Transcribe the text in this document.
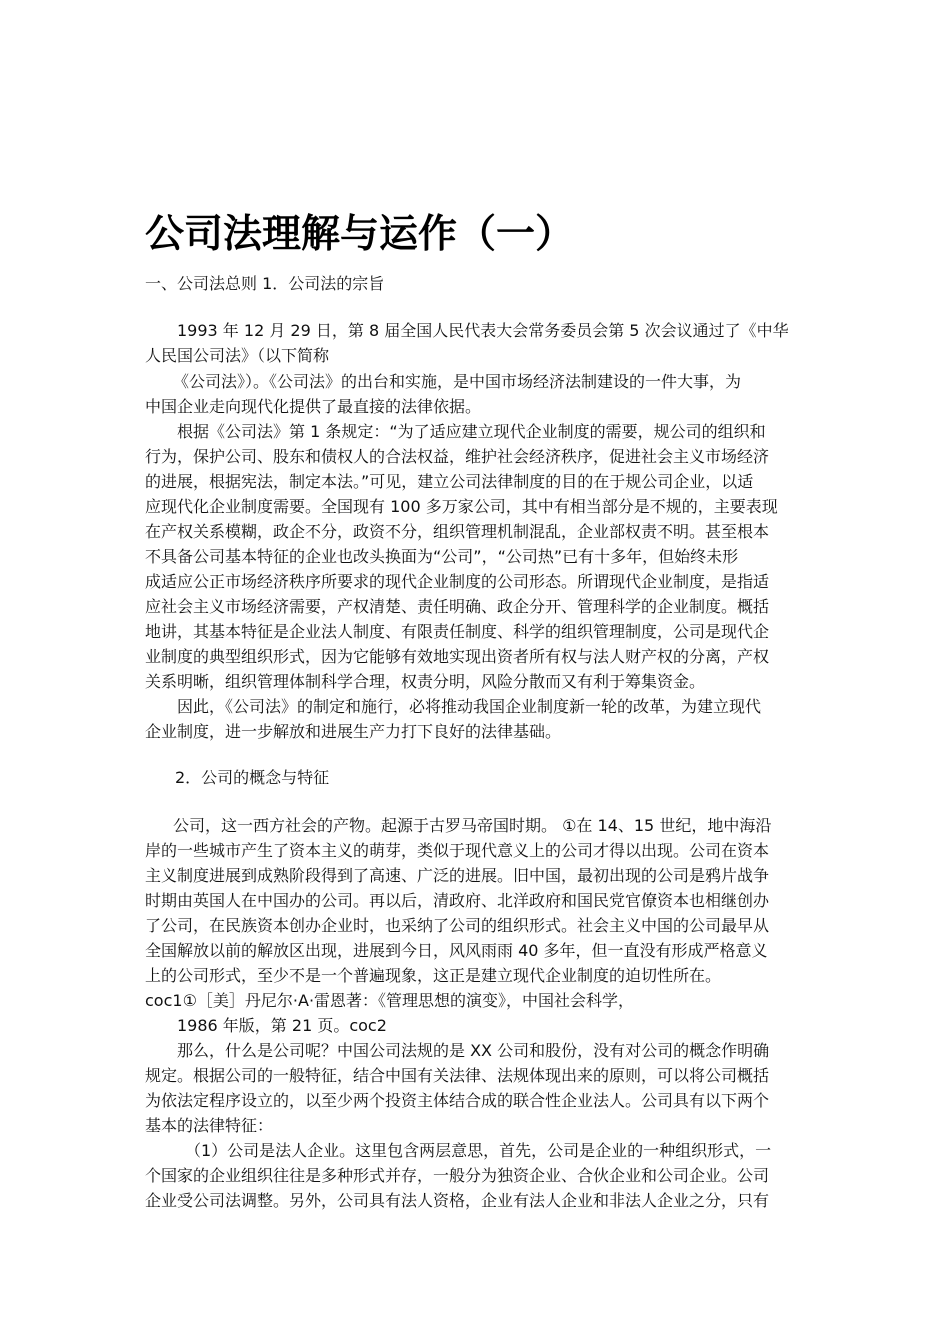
公司法理解与运作（一）

一、公司法总则 1．公司法的宗旨

1993 年 12 月 29 日，第 8 届全国人民代表大会常务委员会第 5 次会议通过了《中华

人民国公司法》（以下简称

《公司法》）。《公司法》的出台和实施，是中国市场经济法制建设的一件大事，为

中国企业走向现代化提供了最直接的法律依据。

根据《公司法》第 1 条规定：“为了适应建立现代企业制度的需要，规公司的组织和

行为，保护公司、股东和债权人的合法权益，维护社会经济秩序，促进社会主义市场经济

的进展，根据宪法，制定本法。”可见，建立公司法律制度的目的在于规公司企业，以适

应现代化企业制度需要。全国现有 100 多万家公司，其中有相当部分是不规的，主要表现

在产权关系模糊，政企不分，政资不分，组织管理机制混乱，企业部权责不明。甚至根本

不具备公司基本特征的企业也改头换面为“公司”，“公司热”已有十多年，但始终未形

成适应公正市场经济秩序所要求的现代企业制度的公司形态。所谓现代企业制度，是指适

应社会主义市场经济需要，产权清楚、责任明确、政企分开、管理科学的企业制度。概括

地讲，其基本特征是企业法人制度、有限责任制度、科学的组织管理制度，公司是现代企

业制度的典型组织形式，因为它能够有效地实现出资者所有权与法人财产权的分离，产权

关系明晰，组织管理体制科学合理，权责分明，风险分散而又有利于筹集资金。

因此，《公司法》的制定和施行，必将推动我国企业制度新一轮的改革，为建立现代

企业制度，进一步解放和进展生产力打下良好的法律基础。

2．公司的概念与特征

公司，这一西方社会的产物。起源于古罗马帝国时期。 ①在 14、15 世纪，地中海沿

岸的一些城市产生了资本主义的萌芽，类似于现代意义上的公司才得以出现。公司在资本

主义制度进展到成熟阶段得到了高速、广泛的进展。旧中国，最初出现的公司是鸦片战争

时期由英国人在中国办的公司。再以后，清政府、北洋政府和国民党官僚资本也相继创办

了公司，在民族资本创办企业时，也采纳了公司的组织形式。社会主义中国的公司最早从

全国解放以前的解放区出现，进展到今日，风风雨雨 40 多年，但一直没有形成严格意义

上的公司形式，至少不是一个普遍现象，这正是建立现代企业制度的迫切性所在。

coc1①［美］丹尼尔·A·雷恩著：《管理思想的演变》，中国社会科学，

1986 年版，第 21 页。coc2

那么，什么是公司呢？中国公司法规的是 XX 公司和股份，没有对公司的概念作明确

规定。根据公司的一般特征，结合中国有关法律、法规体现出来的原则，可以将公司概括

为依法定程序设立的，以至少两个投资主体结合成的联合性企业法人。公司具有以下两个

基本的法律特征：

（1）公司是法人企业。这里包含两层意思，首先，公司是企业的一种组织形式，一

个国家的企业组织往往是多种形式并存，一般分为独资企业、合伙企业和公司企业。公司

企业受公司法调整。另外，公司具有法人资格，企业有法人企业和非法人企业之分，只有
